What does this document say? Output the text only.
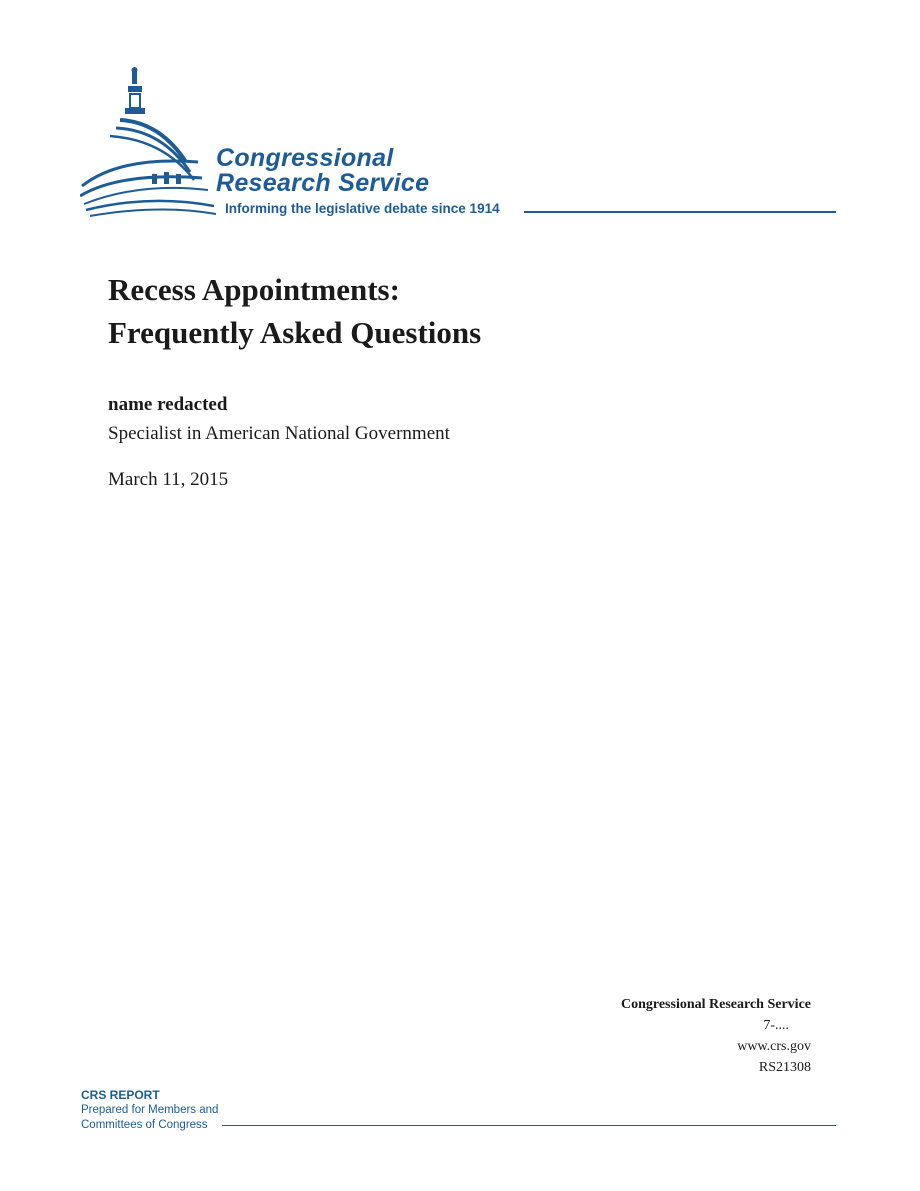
Congressional
Research Service
Informing the legislative debate since 1914
Recess Appointments:
Frequently Asked Questions
name redacted
Specialist in American National Government
March 11, 2015
Congressional Research Service
7-....
www.crs.gov
RS21308
CRS REPORT
Prepared for Members and
Committees of Congress
